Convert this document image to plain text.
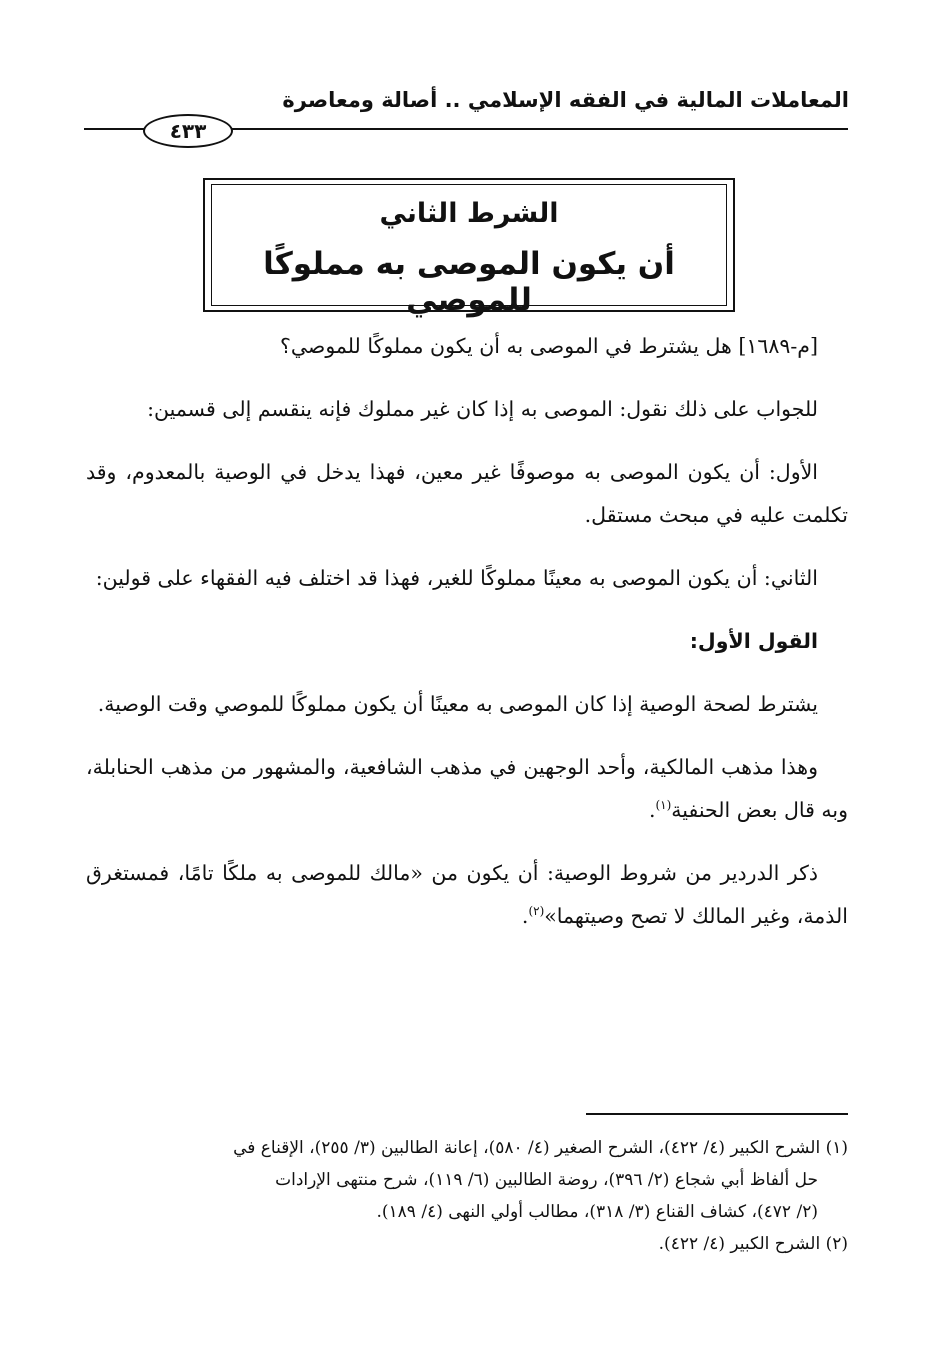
المعاملات المالية في الفقه الإسلامي .. أصالة ومعاصرة
٤٣٣
الشرط الثاني
أن يكون الموصى به مملوكًا للموصي

[م-١٦٨٩] هل يشترط في الموصى به أن يكون مملوكًا للموصي؟

للجواب على ذلك نقول: الموصى به إذا كان غير مملوك فإنه ينقسم إلى قسمين:

الأول: أن يكون الموصى به موصوفًا غير معين، فهذا يدخل في الوصية بالمعدوم، وقد تكلمت عليه في مبحث مستقل.

الثاني: أن يكون الموصى به معينًا مملوكًا للغير، فهذا قد اختلف فيه الفقهاء على قولين:

القول الأول:

يشترط لصحة الوصية إذا كان الموصى به معينًا أن يكون مملوكًا للموصي وقت الوصية.

وهذا مذهب المالكية، وأحد الوجهين في مذهب الشافعية، والمشهور من مذهب الحنابلة، وبه قال بعض الحنفية$^{(١)}$.

ذكر الدردير من شروط الوصية: أن يكون من «مالك للموصى به ملكًا تامًا، فمستغرق الذمة، وغير المالك لا تصح وصيتهما»$^{(٢)}$.

(١) الشرح الكبير (٤/ ٤٢٢)، الشرح الصغير (٤/ ٥٨٠)، إعانة الطالبين (٣/ ٢٥٥)، الإقناع في

حل ألفاظ أبي شجاع (٢/ ٣٩٦)، روضة الطالبين (٦/ ١١٩)، شرح منتهى الإرادات

(٢/ ٤٧٢)، كشاف القناع (٣/ ٣١٨)، مطالب أولي النهى (٤/ ١٨٩).

(٢) الشرح الكبير (٤/ ٤٢٢).
